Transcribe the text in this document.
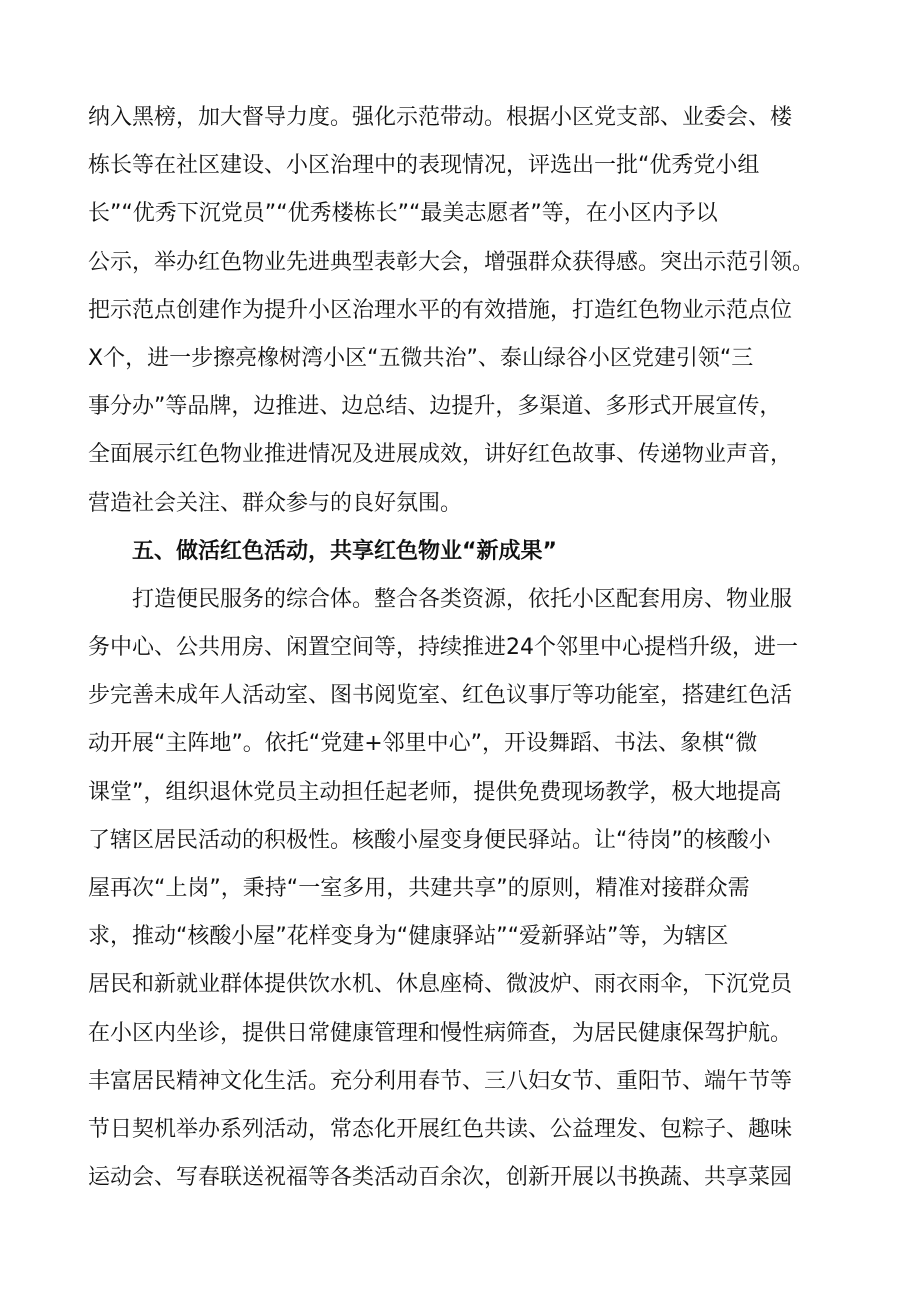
纳入黑榜，加大督导力度。强化示范带动。根据小区党支部、业委会、楼
栋长等在社区建设、小区治理中的表现情况，评选出一批“优秀党小组
长”“优秀下沉党员”“优秀楼栋长”“最美志愿者”等，在小区内予以
公示，举办红色物业先进典型表彰大会，增强群众获得感。突出示范引领。
把示范点创建作为提升小区治理水平的有效措施，打造红色物业示范点位
X个，进一步擦亮橡树湾小区“五微共治”、泰山绿谷小区党建引领“三
事分办”等品牌，边推进、边总结、边提升，多渠道、多形式开展宣传，
全面展示红色物业推进情况及进展成效，讲好红色故事、传递物业声音，
营造社会关注、群众参与的良好氛围。
五、做活红色活动，共享红色物业“新成果”
打造便民服务的综合体。整合各类资源，依托小区配套用房、物业服
务中心、公共用房、闲置空间等，持续推进24个邻里中心提档升级，进一
步完善未成年人活动室、图书阅览室、红色议事厅等功能室，搭建红色活
动开展“主阵地”。依托“党建+邻里中心”，开设舞蹈、书法、象棋“微
课堂”，组织退休党员主动担任起老师，提供免费现场教学，极大地提高
了辖区居民活动的积极性。核酸小屋变身便民驿站。让“待岗”的核酸小
屋再次“上岗”，秉持“一室多用，共建共享”的原则，精准对接群众需
求，推动“核酸小屋”花样变身为“健康驿站”“爱新驿站”等，为辖区
居民和新就业群体提供饮水机、休息座椅、微波炉、雨衣雨伞，下沉党员
在小区内坐诊，提供日常健康管理和慢性病筛查，为居民健康保驾护航。
丰富居民精神文化生活。充分利用春节、三八妇女节、重阳节、端午节等
节日契机举办系列活动，常态化开展红色共读、公益理发、包粽子、趣味
运动会、写春联送祝福等各类活动百余次，创新开展以书换蔬、共享菜园
